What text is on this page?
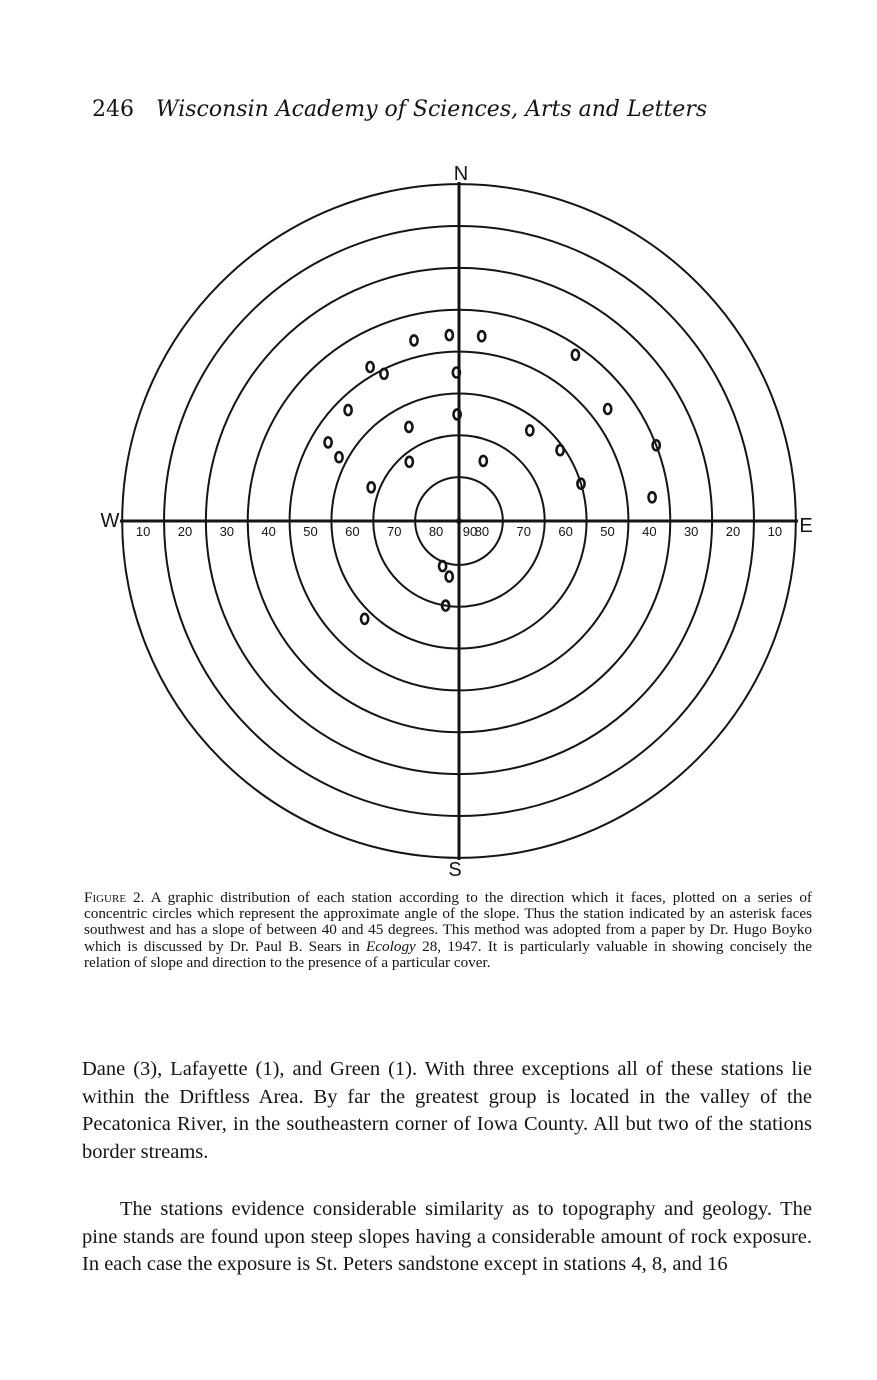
246 Wisconsin Academy of Sciences, Arts and Letters
10 20 30 40 50 60 70 80 90
80 70 60 50 40 30 20 10
N
S
W	E
Figure 2. A graphic distribution of each station according to the direction which it faces, plotted on a series of concentric circles which represent the approximate angle of the slope. Thus the station indicated by an asterisk faces southwest and has a slope of between 40 and 45 degrees. This method was adopted from a paper by Dr. Hugo Boyko which is discussed by Dr. Paul B. Sears in Ecology 28, 1947. It is particularly valuable in showing concisely the relation of slope and direction to the presence of a particular cover.

Dane (3), Lafayette (1), and Green (1). With three exceptions all of these stations lie within the Driftless Area. By far the greatest group is located in the valley of the Pecatonica River, in the southeastern corner of Iowa County. All but two of the stations border streams.

The stations evidence considerable similarity as to topography and geology. The pine stands are found upon steep slopes having a considerable amount of rock exposure. In each case the exposure is St. Peters sandstone except in stations 4, 8, and 16
